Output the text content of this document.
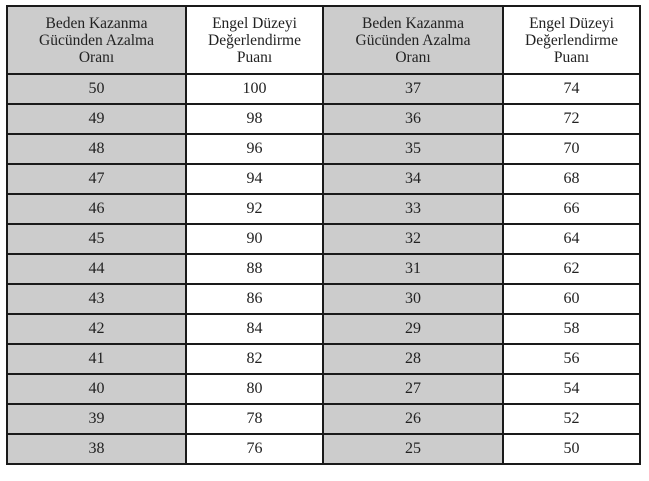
Beden Kazanma
Gücünden Azalma
Oranı	Engel Düzeyi
Değerlendirme
Puanı	Beden Kazanma
Gücünden Azalma
Oranı	Engel Düzeyi
Değerlendirme
Puanı

50	100	37	74
49	98	36	72
48	96	35	70
47	94	34	68
46	92	33	66
45	90	32	64
44	88	31	62
43	86	30	60
42	84	29	58
41	82	28	56
40	80	27	54
39	78	26	52
38	76	25	50
